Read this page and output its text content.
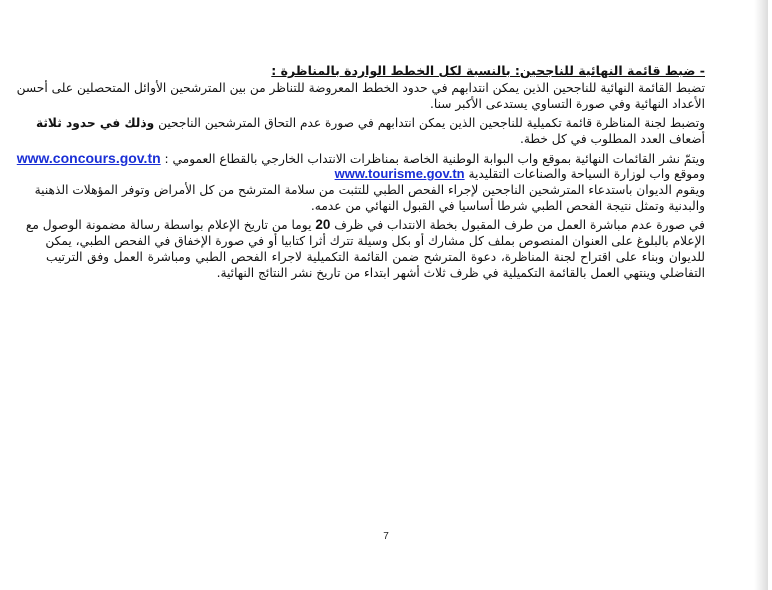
- ضبط قائمة النهائية للناجحين: بالنسبة لكل الخطط الواردة بالمناظرة :
تضبط القائمة النهائية للناجحين الذين يمكن انتدابهم في حدود الخطط المعروضة للتناظر من بين المترشحين الأوائل المتحصلين على أحسن
الأعداد النهائية وفي صورة التساوي يستدعى الأكبر سنا.
وتضبط لجنة المناظرة قائمة تكميلية للناجحين الذين يمكن انتدابهم في صورة عدم التحاق المترشحين الناجحين وذلك في حدود ثلاثة
أضعاف العدد المطلوب في كل خطة.
ويتمّ نشر القائمات النهائية بموقع واب البوابة الوطنية الخاصة بمناظرات الانتداب الخارجي بالقطاع العمومي : www.concours.gov.tn
وموقع واب لوزارة السياحة والصناعات التقليدية www.tourisme.gov.tn
ويقوم الديوان باستدعاء المترشحين الناجحين لإجراء الفحص الطبي للتثبت من سلامة المترشح من كل الأمراض وتوفر المؤهلات الذهنية
والبدنية وتمثل نتيجة الفحص الطبي شرطا أساسيا في القبول النهائي من عدمه.
في صورة عدم مباشرة العمل من طرف المقبول بخطة الانتداب في ظرف 20 يوما من تاريخ الإعلام بواسطة رسالة مضمونة الوصول مع
الإعلام بالبلوغ على العنوان المنصوص بملف كل مشارك أو بكل وسيلة تترك أثرا كتابيا أو في صورة الإخفاق في الفحص الطبي، يمكن
للديوان وبناء على اقتراح لجنة المناظرة، دعوة المترشح ضمن القائمة التكميلية لاجراء الفحص الطبي ومباشرة العمل وفق الترتيب
التفاضلي وينتهي العمل بالقائمة التكميلية في ظرف ثلاث أشهر ابتداء من تاريخ نشر النتائج النهائية.
7
